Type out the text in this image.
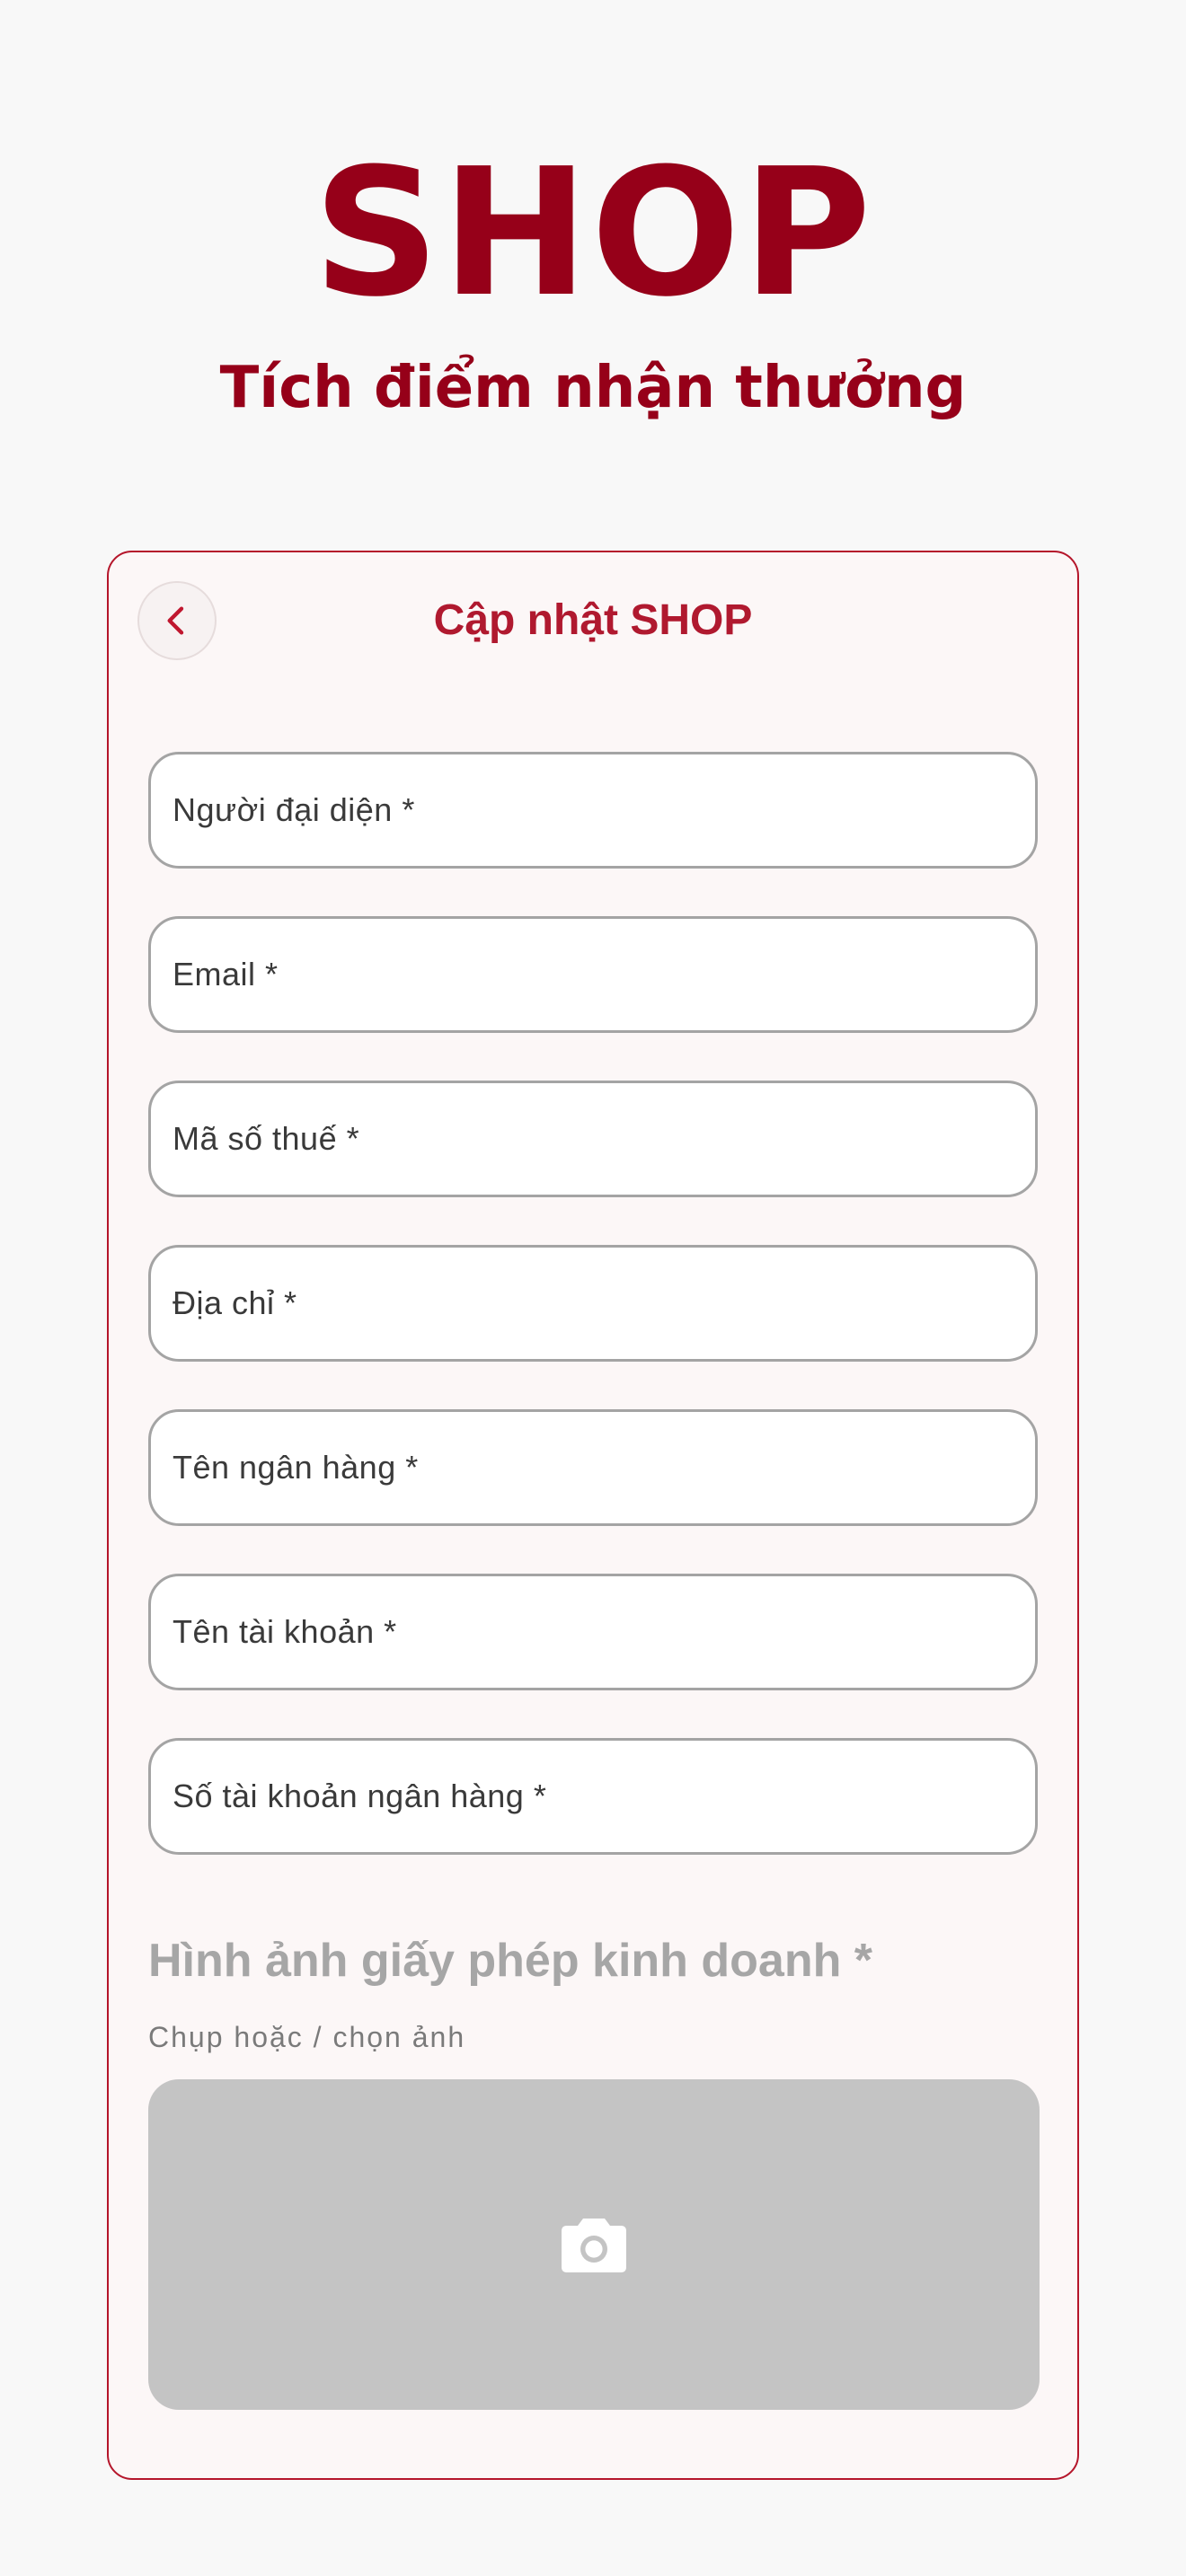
SHOP
Tích điểm nhận thưởng
Cập nhật SHOP
Người đại diện *
Email *
Mã số thuế *
Địa chỉ *
Tên ngân hàng *
Tên tài khoản *
Số tài khoản ngân hàng *
Hình ảnh giấy phép kinh doanh *
Chụp hoặc / chọn ảnh
